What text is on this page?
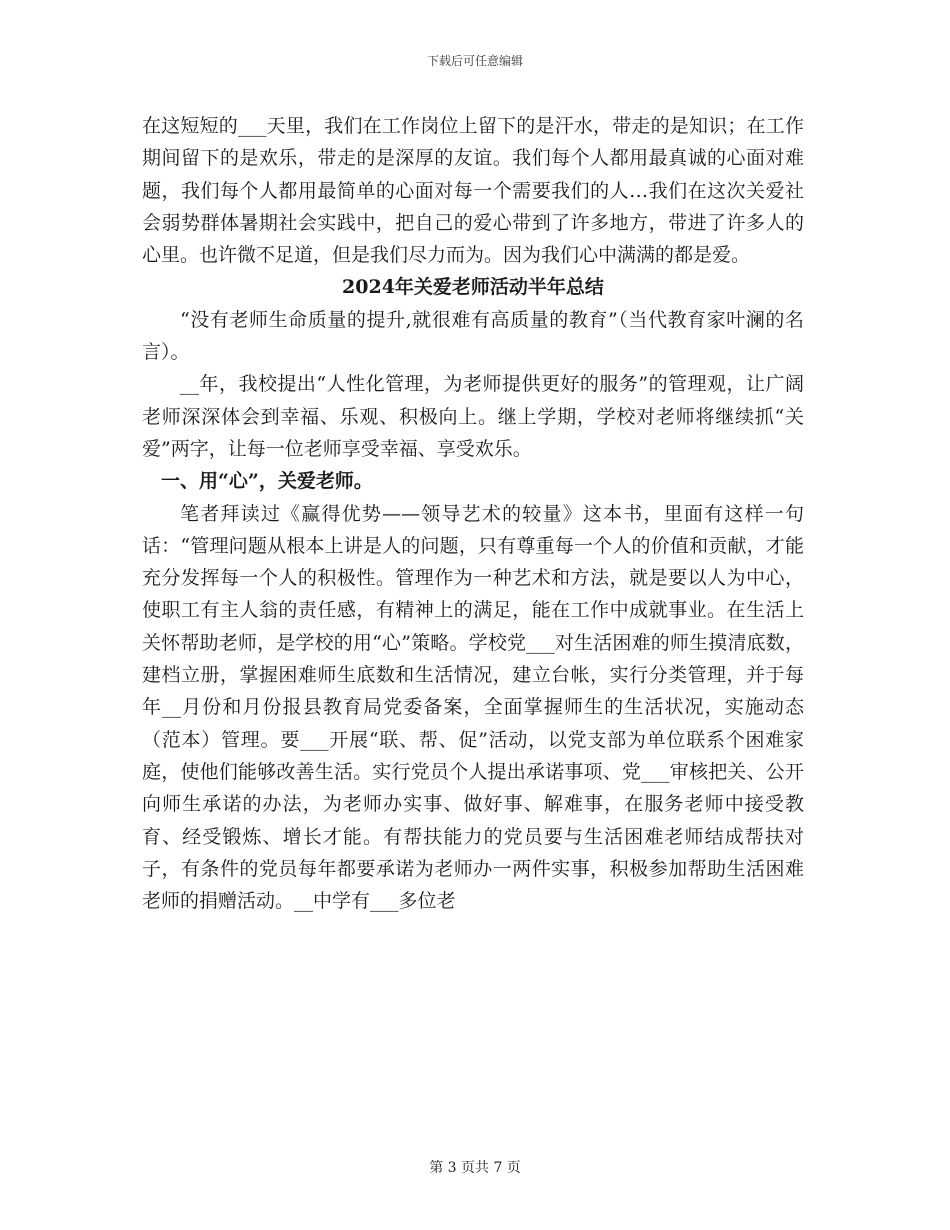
下载后可任意编辑

在这短短的___天里，我们在工作岗位上留下的是汗水，带走的是知识；在工作期间留下的是欢乐，带走的是深厚的友谊。我们每个人都用最真诚的心面对难题，我们每个人都用最简单的心面对每一个需要我们的人…我们在这次关爱社会弱势群体暑期社会实践中，把自己的爱心带到了许多地方，带进了许多人的心里。也许微不足道，但是我们尽力而为。因为我们心中满满的都是爱。

2024年关爱老师活动半年总结

“没有老师生命质量的提升,就很难有高质量的教育”（当代教育家叶澜的名言）。

__年，我校提出“人性化管理，为老师提供更好的服务”的管理观，让广阔老师深深体会到幸福、乐观、积极向上。继上学期，学校对老师将继续抓“关爱”两字，让每一位老师享受幸福、享受欢乐。

一、用“心”，关爱老师。

笔者拜读过《赢得优势——领导艺术的较量》这本书，里面有这样一句话：“管理问题从根本上讲是人的问题，只有尊重每一个人的价值和贡献，才能充分发挥每一个人的积极性。管理作为一种艺术和方法，就是要以人为中心，使职工有主人翁的责任感，有精神上的满足，能在工作中成就事业。在生活上关怀帮助老师，是学校的用“心”策略。学校党___对生活困难的师生摸清底数，建档立册，掌握困难师生底数和生活情况，建立台帐，实行分类管理，并于每年__月份和月份报县教育局党委备案，全面掌握师生的生活状况，实施动态（范本）管理。要___开展“联、帮、促”活动，以党支部为单位联系个困难家庭，使他们能够改善生活。实行党员个人提出承诺事项、党___审核把关、公开向师生承诺的办法，为老师办实事、做好事、解难事，在服务老师中接受教育、经受锻炼、增长才能。有帮扶能力的党员要与生活困难老师结成帮扶对子，有条件的党员每年都要承诺为老师办一两件实事，积极参加帮助生活困难老师的捐赠活动。__中学有___多位老

第 3 页共 7 页
